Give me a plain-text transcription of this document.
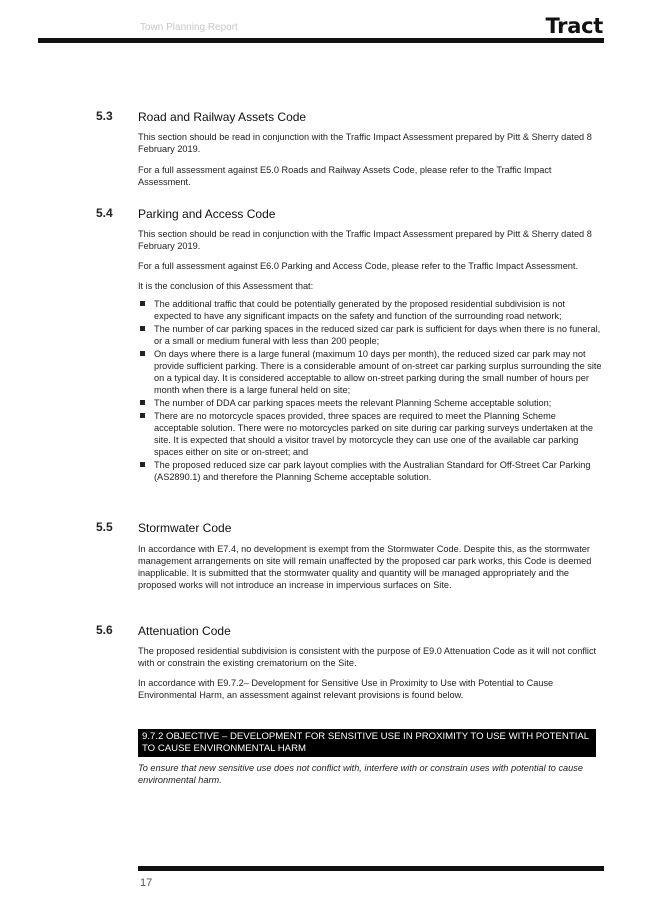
Town Planning Report	Tract
5.3 Road and Railway Assets Code
This section should be read in conjunction with the Traffic Impact Assessment prepared by Pitt & Sherry dated 8 February 2019.
For a full assessment against E5.0 Roads and Railway Assets Code, please refer to the Traffic Impact Assessment.
5.4 Parking and Access Code
This section should be read in conjunction with the Traffic Impact Assessment prepared by Pitt & Sherry dated 8 February 2019.
For a full assessment against E6.0 Parking and Access Code, please refer to the Traffic Impact Assessment.
It is the conclusion of this Assessment that:
The additional traffic that could be potentially generated by the proposed residential subdivision is not expected to have any significant impacts on the safety and function of the surrounding road network;
The number of car parking spaces in the reduced sized car park is sufficient for days when there is no funeral, or a small or medium funeral with less than 200 people;
On days where there is a large funeral (maximum 10 days per month), the reduced sized car park may not provide sufficient parking. There is a considerable amount of on-street car parking surplus surrounding the site on a typical day. It is considered acceptable to allow on-street parking during the small number of hours per month when there is a large funeral held on site;
The number of DDA car parking spaces meets the relevant Planning Scheme acceptable solution;
There are no motorcycle spaces provided, three spaces are required to meet the Planning Scheme acceptable solution. There were no motorcycles parked on site during car parking surveys undertaken at the site. It is expected that should a visitor travel by motorcycle they can use one of the available car parking spaces either on site or on-street; and
The proposed reduced size car park layout complies with the Australian Standard for Off-Street Car Parking (AS2890.1) and therefore the Planning Scheme acceptable solution.
5.5 Stormwater Code
In accordance with E7.4, no development is exempt from the Stormwater Code. Despite this, as the stormwater management arrangements on site will remain unaffected by the proposed car park works, this Code is deemed inapplicable. It is submitted that the stormwater quality and quantity will be managed appropriately and the proposed works will not introduce an increase in impervious surfaces on Site.
5.6 Attenuation Code
The proposed residential subdivision is consistent with the purpose of E9.0 Attenuation Code as it will not conflict with or constrain the existing crematorium on the Site.
In accordance with E9.7.2– Development for Sensitive Use in Proximity to Use with Potential to Cause Environmental Harm, an assessment against relevant provisions is found below.
9.7.2 OBJECTIVE – DEVELOPMENT FOR SENSITIVE USE IN PROXIMITY TO USE WITH POTENTIAL TO CAUSE ENVIRONMENTAL HARM
To ensure that new sensitive use does not conflict with, interfere with or constrain uses with potential to cause environmental harm.
17
